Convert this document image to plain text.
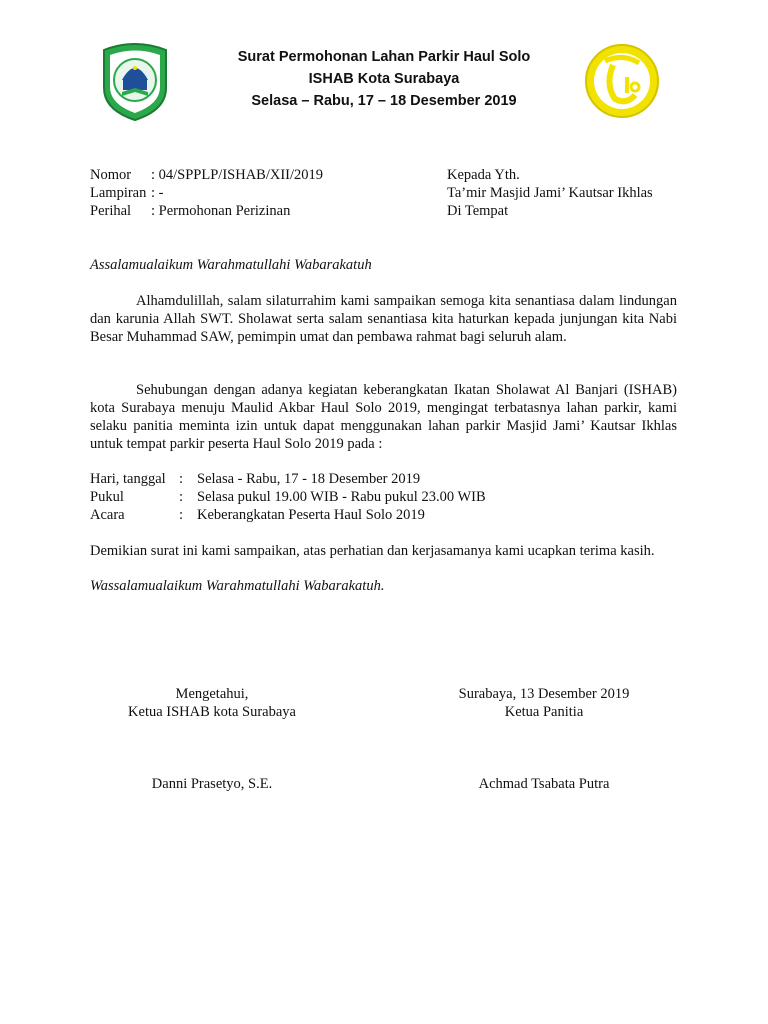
Surat Permohonan Lahan Parkir Haul Solo
ISHAB Kota Surabaya
Selasa – Rabu, 17 – 18 Desember 2019
Nomor : 04/SPPLP/ISHAB/XII/2019
Lampiran : -
Perihal : Permohonan Perizinan
Kepada Yth.
Ta’mir Masjid Jami’ Kautsar Ikhlas
Di Tempat
Assalamualaikum Warahmatullahi Wabarakatuh
Alhamdulillah, salam silaturrahim kami sampaikan semoga kita senantiasa dalam lindungan dan karunia Allah SWT. Sholawat serta salam senantiasa kita haturkan kepada junjungan kita Nabi Besar Muhammad SAW, pemimpin umat dan pembawa rahmat bagi seluruh alam.
Sehubungan dengan adanya kegiatan keberangkatan Ikatan Sholawat Al Banjari (ISHAB) kota Surabaya menuju Maulid Akbar Haul Solo 2019, mengingat terbatasnya lahan parkir, kami selaku panitia meminta izin untuk dapat menggunakan lahan parkir Masjid Jami’ Kautsar Ikhlas untuk tempat parkir peserta Haul Solo 2019 pada :
Hari, tanggal : Selasa - Rabu, 17 - 18 Desember 2019
Pukul	: Selasa pukul 19.00 WIB - Rabu pukul 23.00 WIB
Acara	: Keberangkatan Peserta Haul Solo 2019
Demikian surat ini kami sampaikan, atas perhatian dan kerjasamanya kami ucapkan terima kasih.
Wassalamualaikum Warahmatullahi Wabarakatuh.
Mengetahui,
Ketua ISHAB kota Surabaya
Danni Prasetyo, S.E.
Surabaya, 13 Desember 2019
Ketua Panitia
Achmad Tsabata Putra
